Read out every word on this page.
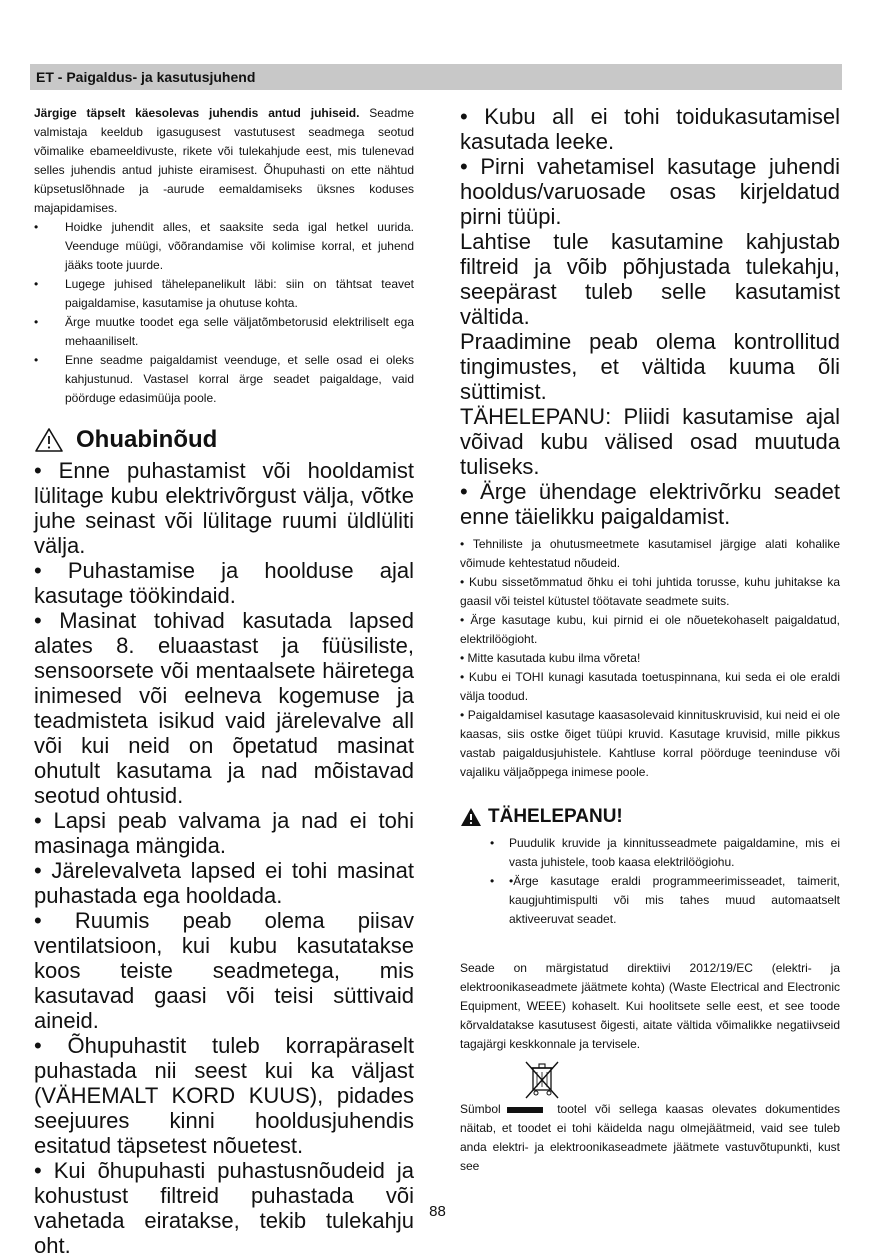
ET - Paigaldus- ja kasutusjuhend
Järgige täpselt käesolevas juhendis antud juhiseid. Seadme valmistaja keeldub igasugusest vastutusest seadmega seotud võimalike ebameeldivuste, rikete või tulekahjude eest, mis tulenevad selles juhendis antud juhiste eiramisest. Õhupuhasti on ette nähtud küpsetuslõhnade ja -aurude eemaldamiseks üksnes koduses majapidamises.
• Hoidke juhendit alles, et saaksite seda igal hetkel uurida. Veenduge müügi, võõrandamise või kolimise korral, et juhend jääks toote juurde.
• Lugege juhised tähelepanelikult läbi: siin on tähtsat teavet paigaldamise, kasutamise ja ohutuse kohta.
• Ärge muutke toodet ega selle väljatõmbetorusid elektriliselt ega mehaaniliselt.
• Enne seadme paigaldamist veenduge, et selle osad ei oleks kahjustunud. Vastasel korral ärge seadet paigaldage, vaid pöörduge edasimüüja poole.
Ohuabinõud

• Enne puhastamist või hooldamist lülitage kubu elektrivõrgust välja, võtke juhe seinast või lülitage ruumi üldlüliti välja.

• Puhastamise ja hoolduse ajal kasutage töökindaid.

• Masinat tohivad kasutada lapsed alates 8. eluaastast ja füüsiliste, sensoorsete või mentaalsete häiretega inimesed või eelneva kogemuse ja teadmisteta isikud vaid järelevalve all või kui neid on õpetatud masinat ohutult kasutama ja nad mõistavad seotud ohtusid.

• Lapsi peab valvama ja nad ei tohi masinaga mängida.

• Järelevalveta lapsed ei tohi masinat puhastada ega hooldada.

• Ruumis peab olema piisav ventilatsioon, kui kubu kasutatakse koos teiste seadmetega, mis kasutavad gaasi või teisi süttivaid aineid.

• Õhupuhastit tuleb korrapäraselt puhastada nii seest kui ka väljast (VÄHEMALT KORD KUUS), pidades seejuures kinni hooldusjuhendis esitatud täpsetest nõuetest.

• Kui õhupuhasti puhastusnõudeid ja kohustust filtreid puhastada või vahetada eiratakse, tekib tulekahju oht.

• Kubu all ei tohi toidukasutamisel kasutada leeke.

• Pirni vahetamisel kasutage juhendi hooldus/varuosade osas kirjeldatud pirni tüüpi.

Lahtise tule kasutamine kahjustab filtreid ja võib põhjustada tulekahju, seepärast tuleb selle kasutamist vältida.

Praadimine peab olema kontrollitud tingimustes, et vältida kuuma õli süttimist.

TÄHELEPANU: Pliidi kasutamise ajal võivad kubu välised osad muutuda tuliseks.

• Ärge ühendage elektrivõrku seadet enne täielikku paigaldamist.

• Tehniliste ja ohutusmeetmete kasutamisel järgige alati kohalike võimude kehtestatud nõudeid.

• Kubu sissetõmmatud õhku ei tohi juhtida torusse, kuhu juhitakse ka gaasil või teistel kütustel töötavate seadmete suits.

• Ärge kasutage kubu, kui pirnid ei ole nõuetekohaselt paigaldatud, elektrilöögioht.

• Mitte kasutada kubu ilma võreta!

• Kubu ei TOHI kunagi kasutada toetuspinnana, kui seda ei ole eraldi välja toodud.

• Paigaldamisel kasutage kaasasolevaid kinnituskruvisid, kui neid ei ole kaasas, siis ostke õiget tüüpi kruvid. Kasutage kruvisid, mille pikkus vastab paigaldusjuhistele. Kahtluse korral pöörduge teeninduse või vajaliku väljaõppega inimese poole.

TÄHELEPANU!
• Puudulik kruvide ja kinnitusseadmete paigaldamine, mis ei vasta juhistele, toob kaasa elektrilöögiohu.
• •Ärge kasutage eraldi programmeerimisseadet, taimerit, kaugjuhtimispulti või mis tahes muud automaatselt aktiveeruvat seadet.
Seade on märgistatud direktiivi 2012/19/EC (elektri- ja elektroonikaseadmete jäätmete kohta) (Waste Electrical and Electronic Equipment, WEEE) kohaselt. Kui hoolitsete selle eest, et see toode kõrvaldatakse kasutusest õigesti, aitate vältida võimalikke negatiivseid tagajärgi keskkonnale ja tervisele.
Sümbol	tootel või sellega kaasas olevates dokumentides näitab, et toodet ei tohi käidelda nagu olmejäätmeid, vaid see tuleb anda elektri- ja elektroonikaseadmete jäätmete vastuvõtupunkti, kust see
88
